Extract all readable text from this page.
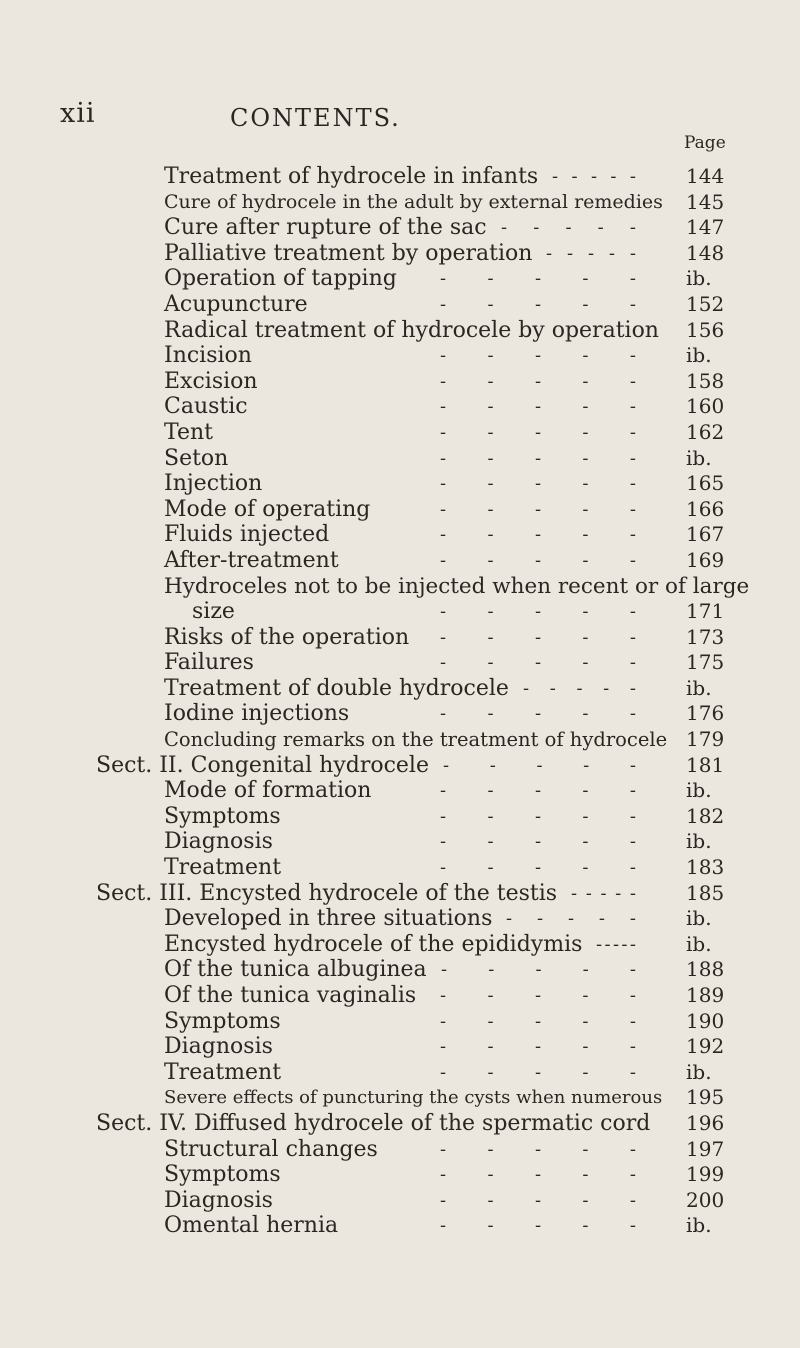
xii	CONTENTS.
Page
Treatment of hydrocele in infants - - - - -	144
Cure of hydrocele in the adult by external remedies 145
Cure after rupture of the sac - - - - -	147
Palliative treatment by operation - - - - -	148
Operation of tapping - - - - -	ib.
Acupuncture	- - - - -	152
Radical treatment of hydrocele by operation 156
Incision	- - - - -	ib.
Excision	- - - - -	158
Caustic	- - - - -	160
Tent	- - - - -	162
Seton	- - - - -	ib.
Injection	- - - - -	165
Mode of operating	- - - - -	166
Fluids injected	- - - - -	167
After-treatment	- - - - -	169
Hydroceles not to be injected when recent or of large
size	- - - - -	171
Risks of the operation - - - - -	173
Failures	- - - - -	175
Treatment of double hydrocele - - - - -	ib.
Iodine injections	- - - - -	176
Concluding remarks on the treatment of hydrocele 179
Sect. II. Congenital hydrocele - - - - -	181
Mode of formation	- - - - -	ib.
Symptoms	- - - - -	182
Diagnosis	- - - - -	ib.
Treatment	- - - - -	183
Sect. III. Encysted hydrocele of the testis - - - - -	185
Developed in three situations - - - - -	ib.
Encysted hydrocele of the epididymis - - - - -	ib.
Of the tunica albuginea - - - - -	188
Of the tunica vaginalis - - - - -	189
Symptoms	- - - - -	190
Diagnosis	- - - - -	192
Treatment	- - - - -	ib.
Severe effects of puncturing the cysts when numerous 195
Sect. IV. Diffused hydrocele of the spermatic cord 196
Structural changes	- - - - -	197
Symptoms	- - - - -	199
Diagnosis	- - - - -	200
Omental hernia	- - - - -	ib.
